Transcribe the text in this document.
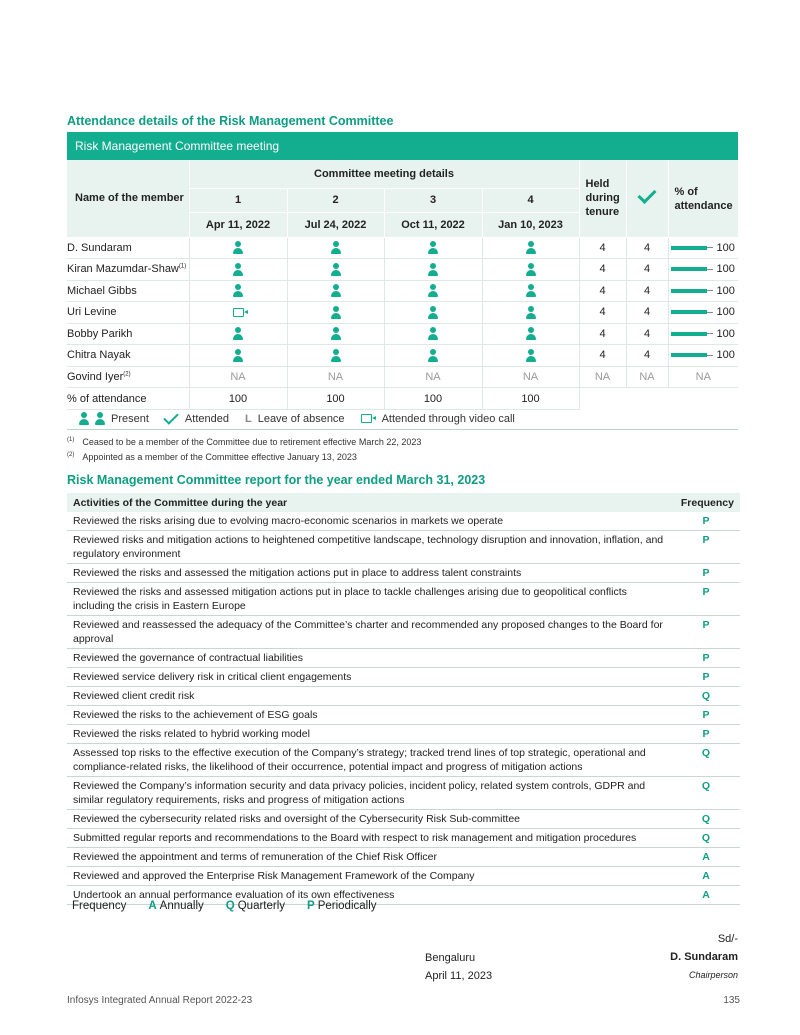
Attendance details of the Risk Management Committee
Risk Management Committee meeting							
Name of the member	Committee meeting details				Held during tenure		% of attendance
	1	2	3	4			
	Apr 11, 2022	Jul 24, 2022	Oct 11, 2022	Jan 10, 2023			
D. Sundaram					4	4	100

Kiran Mazumdar-Shaw$^{(1)}$					4	4	100

Michael Gibbs					4	4	100

Uri Levine					4	4	100

Bobby Parikh					4	4	100

Chitra Nayak					4	4	100

Govind Iyer$^{(2)}$	NA	NA	NA	NA	NA	NA	NA
% of attendance	100	100	100	100			
Present	Attended L Leave of absence	Attended through video call
$^{(1)}$ Ceased to be a member of the Committee due to retirement effective March 22, 2023
$^{(2)}$ Appointed as a member of the Committee effective January 13, 2023
Risk Management Committee report for the year ended March 31, 2023
Activities of the Committee during the year	Frequency
Reviewed the risks arising due to evolving macro-economic scenarios in markets we operate	P
Reviewed risks and mitigation actions to heightened competitive landscape, technology disruption and innovation, inflation, and regulatory environment	P
Reviewed the risks and assessed the mitigation actions put in place to address talent constraints	P
Reviewed the risks and assessed mitigation actions put in place to tackle challenges arising due to geopolitical conflicts including the crisis in Eastern Europe	P
Reviewed and reassessed the adequacy of the Committee’s charter and recommended any proposed changes to the Board for approval	P
Reviewed the governance of contractual liabilities	P
Reviewed service delivery risk in critical client engagements	P
Reviewed client credit risk	Q
Reviewed the risks to the achievement of ESG goals	P
Reviewed the risks related to hybrid working model	P
Assessed top risks to the effective execution of the Company’s strategy; tracked trend lines of top strategic, operational and compliance-related risks, the likelihood of their occurrence, potential impact and progress of mitigation actions	Q
Reviewed the Company’s information security and data privacy policies, incident policy, related system controls, GDPR and similar regulatory requirements, risks and progress of mitigation actions	Q
Reviewed the cybersecurity related risks and oversight of the Cybersecurity Risk Sub-committee	Q
Submitted regular reports and recommendations to the Board with respect to risk management and mitigation procedures	Q
Reviewed the appointment and terms of remuneration of the Chief Risk Officer	A
Reviewed and approved the Enterprise Risk Management Framework of the Company	A
Undertook an annual performance evaluation of its own effectiveness	A
Frequency A Annually Q Quarterly P Periodically
Sd/-
Bengaluru
April 11, 2023
D. Sundaram
Chairperson
Infosys Integrated Annual Report 2022-23	135
